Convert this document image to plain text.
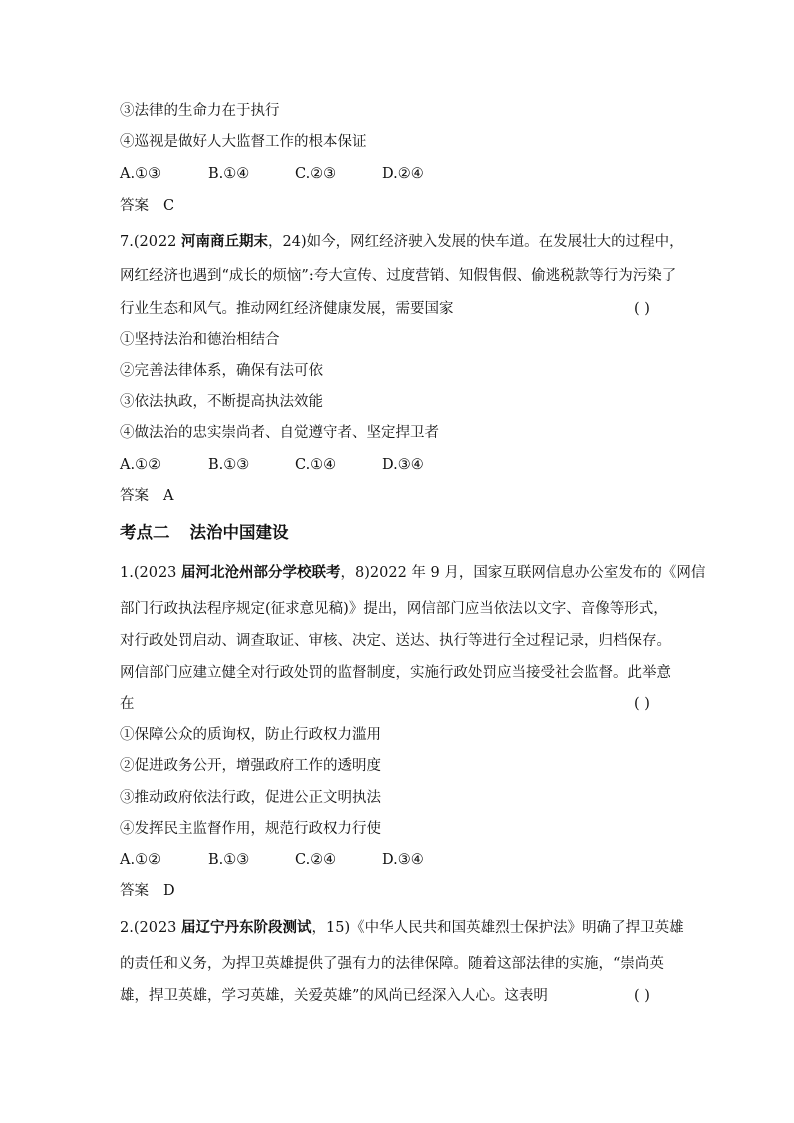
③法律的生命力在于执行
④巡视是做好人大监督工作的根本保证
A.①③	B.①④	C.②③	D.②④
答案 C
7.(2022 河南商丘期末，24)如今，网红经济驶入发展的快车道。在发展壮大的过程中，
网红经济也遇到“成长的烦恼”:夸大宣传、过度营销、知假售假、偷逃税款等行为污染了
行业生态和风气。推动网红经济健康发展，需要国家	( )
①坚持法治和德治相结合
②完善法律体系，确保有法可依
③依法执政，不断提高执法效能
④做法治的忠实崇尚者、自觉遵守者、坚定捍卫者
A.①②	B.①③	C.①④	D.③④
答案 A
考点二 法治中国建设
1.(2023 届河北沧州部分学校联考，8)2022 年 9 月，国家互联网信息办公室发布的《网信
部门行政执法程序规定(征求意见稿)》提出，网信部门应当依法以文字、音像等形式，
对行政处罚启动、调查取证、审核、决定、送达、执行等进行全过程记录，归档保存。
网信部门应建立健全对行政处罚的监督制度，实施行政处罚应当接受社会监督。此举意
在	( )
①保障公众的质询权，防止行政权力滥用
②促进政务公开，增强政府工作的透明度
③推动政府依法行政，促进公正文明执法
④发挥民主监督作用，规范行政权力行使
A.①②	B.①③	C.②④	D.③④
答案 D
2.(2023 届辽宁丹东阶段测试，15)《中华人民共和国英雄烈士保护法》明确了捍卫英雄
的责任和义务，为捍卫英雄提供了强有力的法律保障。随着这部法律的实施，“崇尚英
雄，捍卫英雄，学习英雄，关爱英雄”的风尚已经深入人心。这表明	( )
